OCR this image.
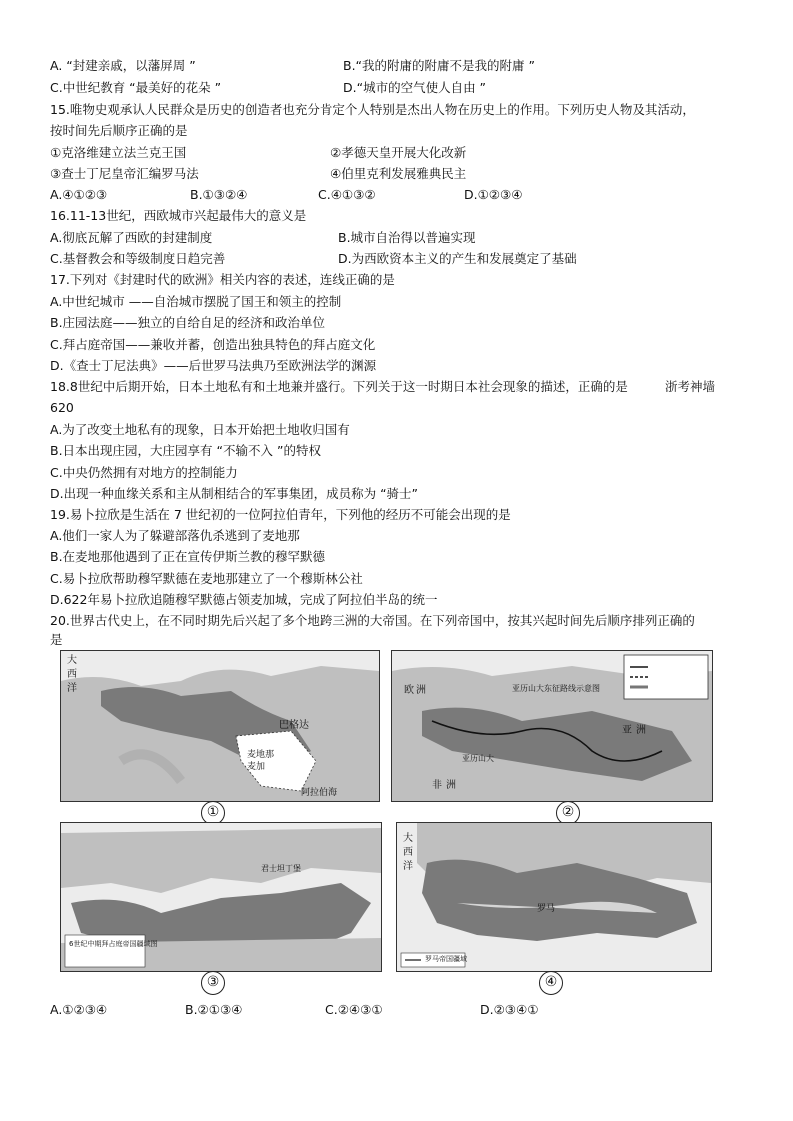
A. “封建亲戚，以藩屏周 ”	B.“我的附庸的附庸不是我的附庸 ”
C.中世纪教育 “最美好的花朵 ”	D.“城市的空气使人自由 ”
15.唯物史观承认人民群众是历史的创造者也充分肯定个人特别是杰出人物在历史上的作用。下列历史人物及其活动，
按时间先后顺序正确的是
①克洛维建立法兰克王国	②孝德天皇开展大化改新
③查士丁尼皇帝汇编罗马法	④伯里克利发展雅典民主
A.④①②③	B.①③②④	C.④①③②	D.①②③④
16.11-13世纪，西欧城市兴起最伟大的意义是
A.彻底瓦解了西欧的封建制度	B.城市自治得以普遍实现
C.基督教会和等级制度日趋完善	D.为西欧资本主义的产生和发展奠定了基础
17.下列对《封建时代的欧洲》相关内容的表述，连线正确的是
A.中世纪城市 ——自治城市摆脱了国王和领主的控制
B.庄园法庭——独立的自给自足的经济和政治单位
C.拜占庭帝国——兼收并蓄，创造出独具特色的拜占庭文化
D.《查士丁尼法典》——后世罗马法典乃至欧洲法学的渊源
18.8世纪中后期开始，日本土地私有和土地兼并盛行。下列关于这一时期日本社会现象的描述，正确的是	浙考神墙
620
A.为了改变土地私有的现象，日本开始把土地收归国有
B.日本出现庄园，大庄园享有 “不输不入 ”的特权
C.中央仍然拥有对地方的控制能力
D.出现一种血缘关系和主从制相结合的军事集团，成员称为 “骑士”
19.易卜拉欣是生活在 7 世纪初的一位阿拉伯青年，下列他的经历不可能会出现的是
A.他们一家人为了躲避部落仇杀逃到了麦地那
B.在麦地那他遇到了正在宣传伊斯兰教的穆罕默德
C.易卜拉欣帮助穆罕默德在麦地那建立了一个穆斯林公社
D.622年易卜拉欣追随穆罕默德占领麦加城，完成了阿拉伯半岛的统一
20.世界古代史上，在不同时期先后兴起了多个地跨三洲的大帝国。在下列帝国中，按其兴起时间先后顺序排列正确的
是
大
西
洋
巴格达
麦地那
麦加
阿拉伯海
①
欧 洲
亚 洲
非 洲
亚历山大
亚历山大东征路线示意图
②
君士坦丁堡
6世纪中期拜占庭帝国疆域图
③
大
西
洋
罗马
罗马帝国疆域
④
A.①②③④	B.②①③④	C.②④③①	D.②③④①
